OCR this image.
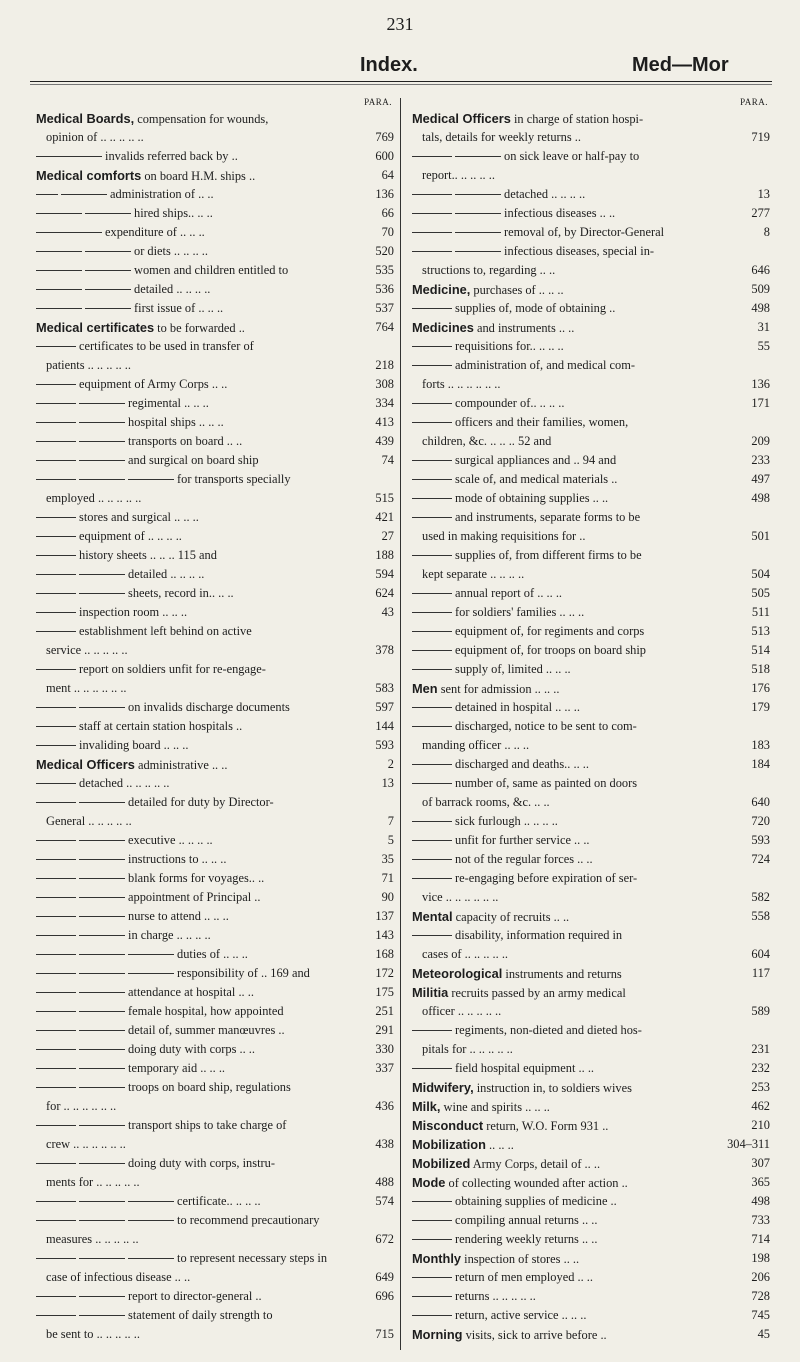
231
Index.	Med—Mor
PARA.
Medical Boards, compensation for wounds,
opinion of .. .. .. .. ..	769
invalids referred back by ..	600
Medical comforts on board H.M. ships ..	64
administration of .. ..	136
hired ships.. .. ..	66
expenditure of .. .. ..	70
or diets .. .. .. ..	520
women and children entitled to	535
detailed .. .. .. ..	536
first issue of .. .. ..	537
Medical certificates to be forwarded ..	764
certificates to be used in transfer of
patients .. .. .. .. ..	218
equipment of Army Corps .. ..	308
regimental .. .. ..	334
hospital ships .. .. ..	413
transports on board .. ..	439
and surgical on board ship	74
for transports specially
employed .. .. .. .. ..	515
stores and surgical .. .. ..	421
equipment of .. .. .. ..	27
history sheets .. .. .. 115 and	188
detailed .. .. .. ..	594
sheets, record in.. .. ..	624
inspection room .. .. ..	43
establishment left behind on active
service .. .. .. .. ..	378
report on soldiers unfit for re-engage-
ment .. .. .. .. .. ..	583
on invalids discharge documents	597
staff at certain station hospitals ..	144
invaliding board .. .. ..	593
Medical Officers administrative .. ..	2
detached .. .. .. .. ..	13
detailed for duty by Director-
General .. .. .. .. ..	7
executive .. .. .. ..	5
instructions to .. .. ..	35
blank forms for voyages.. ..	71
appointment of Principal ..	90
nurse to attend .. .. ..	137
in charge .. .. .. ..	143
duties of .. .. ..	168
responsibility of .. 169 and	172
attendance at hospital .. ..	175
female hospital, how appointed	251
detail of, summer manœuvres ..	291
doing duty with corps .. ..	330
temporary aid .. .. ..	337
troops on board ship, regulations
for .. .. .. .. .. ..	436
transport ships to take charge of
crew .. .. .. .. .. ..	438
doing duty with corps, instru-
ments for .. .. .. .. ..	488
certificate.. .. .. ..	574
to recommend precautionary
measures .. .. .. .. ..	672
to represent necessary steps in
case of infectious disease .. ..	649
report to director-general ..	696
statement of daily strength to
be sent to .. .. .. .. ..	715
PARA.
Medical Officers in charge of station hospi-
tals, details for weekly returns ..	719
on sick leave or half-pay to
report.. .. .. .. ..
detached .. .. .. ..	13
infectious diseases .. ..	277
removal of, by Director-General	8
infectious diseases, special in-
structions to, regarding .. ..	646
Medicine, purchases of .. .. ..	509
supplies of, mode of obtaining ..	498
Medicines and instruments .. ..	31
requisitions for.. .. .. ..	55
administration of, and medical com-
forts .. .. .. .. .. ..	136
compounder of.. .. .. ..	171
officers and their families, women,
children, &c. .. .. .. 52 and	209
surgical appliances and .. 94 and	233
scale of, and medical materials ..	497
mode of obtaining supplies .. ..	498
and instruments, separate forms to be
used in making requisitions for ..	501
supplies of, from different firms to be
kept separate .. .. .. ..	504
annual report of .. .. ..	505
for soldiers' families .. .. ..	511
equipment of, for regiments and corps	513
equipment of, for troops on board ship	514
supply of, limited .. .. ..	518
Men sent for admission .. .. ..	176
detained in hospital .. .. ..	179
discharged, notice to be sent to com-
manding officer .. .. ..	183
discharged and deaths.. .. ..	184
number of, same as painted on doors
of barrack rooms, &c. .. ..	640
sick furlough .. .. .. ..	720
unfit for further service .. ..	593
not of the regular forces .. ..	724
re-engaging before expiration of ser-
vice .. .. .. .. .. ..	582
Mental capacity of recruits .. ..	558
disability, information required in
cases of .. .. .. .. ..	604
Meteorological instruments and returns	117
Militia recruits passed by an army medical
officer .. .. .. .. ..	589
regiments, non-dieted and dieted hos-
pitals for .. .. .. .. ..	231
field hospital equipment .. ..	232
Midwifery, instruction in, to soldiers wives	253
Milk, wine and spirits .. .. ..	462
Misconduct return, W.O. Form 931 ..	210
Mobilization .. .. ..	304–311
Mobilized Army Corps, detail of .. ..	307
Mode of collecting wounded after action ..	365
obtaining supplies of medicine ..	498
compiling annual returns .. ..	733
rendering weekly returns .. ..	714
Monthly inspection of stores .. ..	198
return of men employed .. ..	206
returns .. .. .. .. ..	728
return, active service .. .. ..	745
Morning visits, sick to arrive before ..	45
